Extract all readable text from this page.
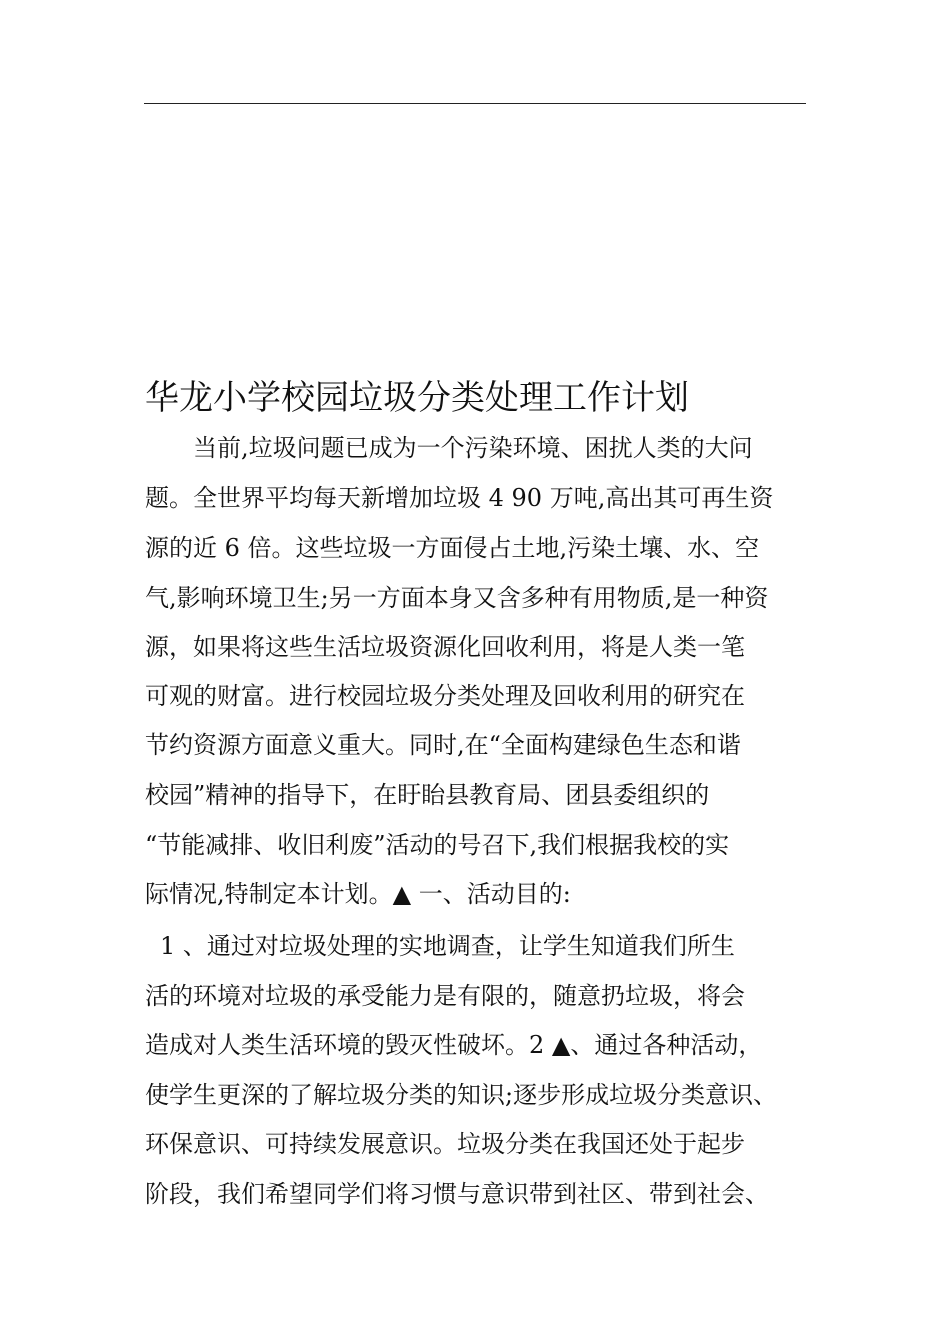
华龙小学校园垃圾分类处理工作计划
当前,垃圾问题已成为一个污染环境、困扰人类的大问
题。全世界平均每天新增加垃圾 4 90 万吨,高出其可再生资
源的近 6 倍。这些垃圾一方面侵占土地,污染土壤、水、空
气,影响环境卫生;另一方面本身又含多种有用物质,是一种资
源，如果将这些生活垃圾资源化回收利用，将是人类一笔
可观的财富。进行校园垃圾分类处理及回收利用的研究在
节约资源方面意义重大。同时,在“全面构建绿色生态和谐
校园”精神的指导下，在盱眙县教育局、团县委组织的
“节能减排、收旧利废”活动的号召下,我们根据我校的实
际情况,特制定本计划。▲ 一、活动目的:
1 、通过对垃圾处理的实地调查，让学生知道我们所生
活的环境对垃圾的承受能力是有限的，随意扔垃圾，将会
造成对人类生活环境的毁灭性破坏。2 ▲、通过各种活动，
使学生更深的了解垃圾分类的知识;逐步形成垃圾分类意识、
环保意识、可持续发展意识。垃圾分类在我国还处于起步
阶段，我们希望同学们将习惯与意识带到社区、带到社会、
